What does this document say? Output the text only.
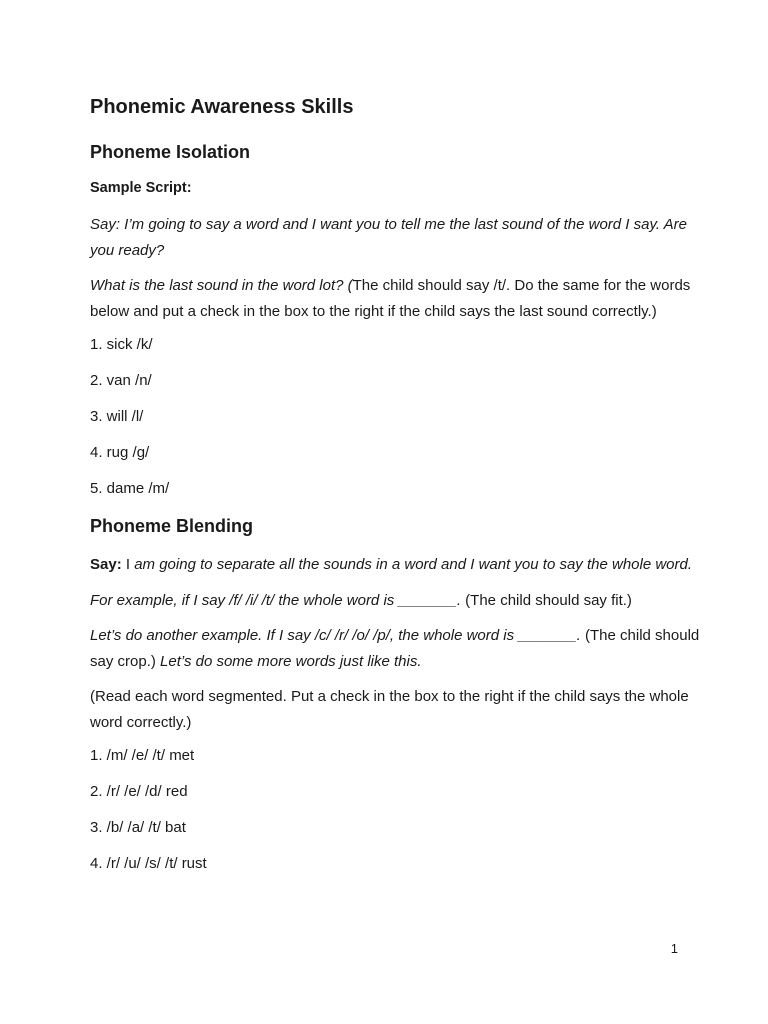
Phonemic Awareness Skills
Phoneme Isolation
Sample Script:

Say: I’m going to say a word and I want you to tell me the last sound of the word I say. Are you ready?

What is the last sound in the word lot? (The child should say /t/. Do the same for the words below and put a check in the box to the right if the child says the last sound correctly.)

1. sick /k/
2. van /n/
3. will /l/
4. rug /g/
5. dame /m/
Phoneme Blending

Say: I am going to separate all the sounds in a word and I want you to say the whole word.

For example, if I say /f/ /i/ /t/ the whole word is _______. (The child should say fit.)

Let’s do another example. If I say /c/ /r/ /o/ /p/, the whole word is _______. (The child should say crop.) Let’s do some more words just like this.

(Read each word segmented. Put a check in the box to the right if the child says the whole word correctly.)

1. /m/ /e/ /t/ met
2. /r/ /e/ /d/ red
3. /b/ /a/ /t/ bat
4. /r/ /u/ /s/ /t/ rust
1
